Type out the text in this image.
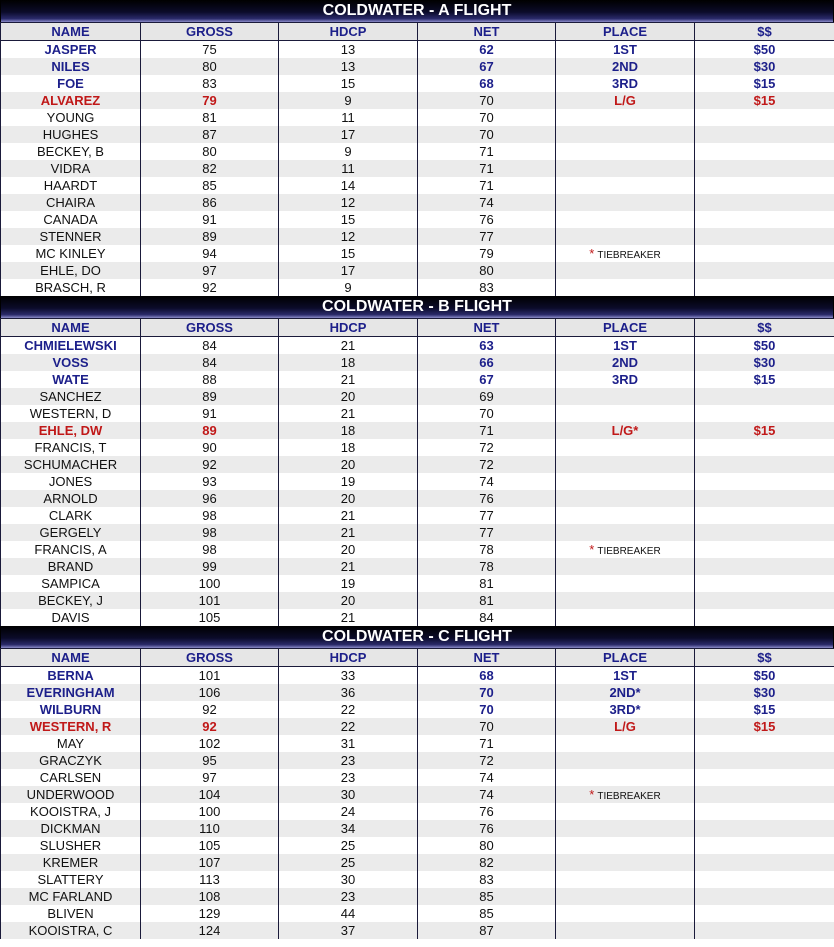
COLDWATER - A FLIGHT
NAME	GROSS	HDCP	NET	PLACE	$$
JASPER	75	13	62	1ST	$50
NILES	80	13	67	2ND	$30
FOE	83	15	68	3RD	$15
ALVAREZ	79	9	70	L/G	$15
YOUNG	81	11	70		
HUGHES	87	17	70		
BECKEY, B	80	9	71		
VIDRA	82	11	71		
HAARDT	85	14	71		
CHAIRA	86	12	74		
CANADA	91	15	76		
STENNER	89	12	77		
MC KINLEY	94	15	79	* TIEBREAKER	
EHLE, DO	97	17	80		
BRASCH, R	92	9	83		
COLDWATER - B FLIGHT
NAME	GROSS	HDCP	NET	PLACE	$$
CHMIELEWSKI	84	21	63	1ST	$50
VOSS	84	18	66	2ND	$30
WATE	88	21	67	3RD	$15
SANCHEZ	89	20	69		
WESTERN, D	91	21	70		
EHLE, DW	89	18	71	L/G*	$15
FRANCIS, T	90	18	72		
SCHUMACHER	92	20	72		
JONES	93	19	74		
ARNOLD	96	20	76		
CLARK	98	21	77		
GERGELY	98	21	77		
FRANCIS, A	98	20	78	* TIEBREAKER	
BRAND	99	21	78		
SAMPICA	100	19	81		
BECKEY, J	101	20	81		
DAVIS	105	21	84		
COLDWATER - C FLIGHT
NAME	GROSS	HDCP	NET	PLACE	$$
BERNA	101	33	68	1ST	$50
EVERINGHAM	106	36	70	2ND*	$30
WILBURN	92	22	70	3RD*	$15
WESTERN, R	92	22	70	L/G	$15
MAY	102	31	71		
GRACZYK	95	23	72		
CARLSEN	97	23	74		
UNDERWOOD	104	30	74	* TIEBREAKER	
KOOISTRA, J	100	24	76		
DICKMAN	110	34	76		
SLUSHER	105	25	80		
KREMER	107	25	82		
SLATTERY	113	30	83		
MC FARLAND	108	23	85		
BLIVEN	129	44	85		
KOOISTRA, C	124	37	87		
